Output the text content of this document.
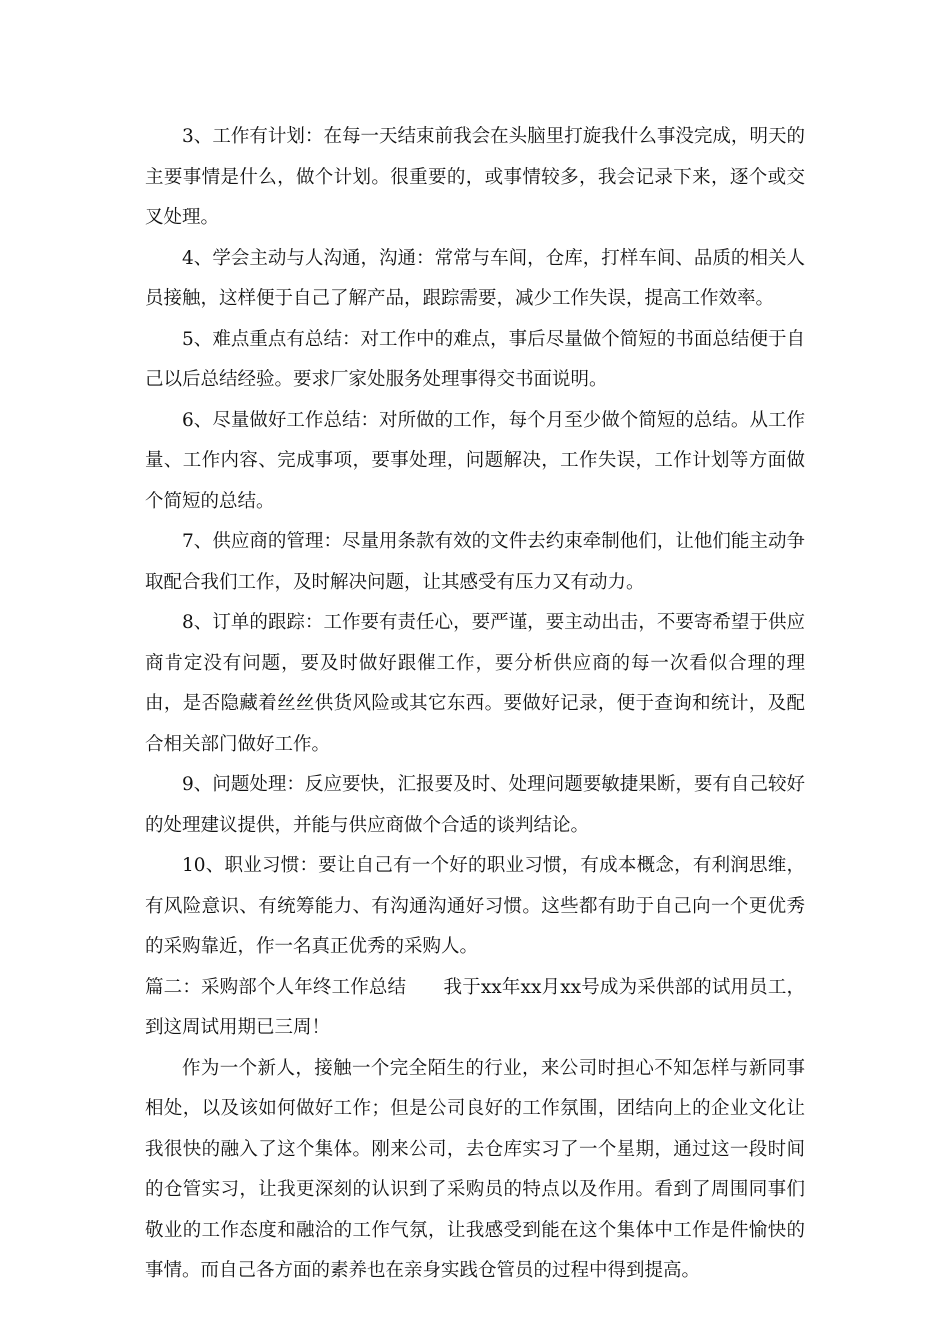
3、工作有计划：在每一天结束前我会在头脑里打旋我什么事没完成，明天的主要事情是什么，做个计划。很重要的，或事情较多，我会记录下来，逐个或交叉处理。

4、学会主动与人沟通，沟通：常常与车间，仓库，打样车间、品质的相关人员接触，这样便于自己了解产品，跟踪需要，减少工作失误，提高工作效率。

5、难点重点有总结：对工作中的难点，事后尽量做个简短的书面总结便于自己以后总结经验。要求厂家处服务处理事得交书面说明。

6、尽量做好工作总结：对所做的工作，每个月至少做个简短的总结。从工作量、工作内容、完成事项，要事处理，问题解决，工作失误，工作计划等方面做个简短的总结。

7、供应商的管理：尽量用条款有效的文件去约束牵制他们，让他们能主动争取配合我们工作，及时解决问题，让其感受有压力又有动力。

8、订单的跟踪：工作要有责任心，要严谨，要主动出击，不要寄希望于供应商肯定没有问题，要及时做好跟催工作，要分析供应商的每一次看似合理的理由，是否隐藏着丝丝供货风险或其它东西。要做好记录，便于查询和统计，及配合相关部门做好工作。

9、问题处理：反应要快，汇报要及时、处理问题要敏捷果断，要有自己较好的处理建议提供，并能与供应商做个合适的谈判结论。

10、职业习惯：要让自己有一个好的职业习惯，有成本概念，有利润思维，有风险意识、有统筹能力、有沟通沟通好习惯。这些都有助于自己向一个更优秀的采购靠近，作一名真正优秀的采购人。

篇二：采购部个人年终工作总结　　我于xx年xx月xx号成为采供部的试用员工，到这周试用期已三周！

作为一个新人，接触一个完全陌生的行业，来公司时担心不知怎样与新同事相处，以及该如何做好工作；但是公司良好的工作氛围，团结向上的企业文化让我很快的融入了这个集体。刚来公司，去仓库实习了一个星期，通过这一段时间的仓管实习，让我更深刻的认识到了采购员的特点以及作用。看到了周围同事们敬业的工作态度和融洽的工作气氛，让我感受到能在这个集体中工作是件愉快的事情。而自己各方面的素养也在亲身实践仓管员的过程中得到提高。
